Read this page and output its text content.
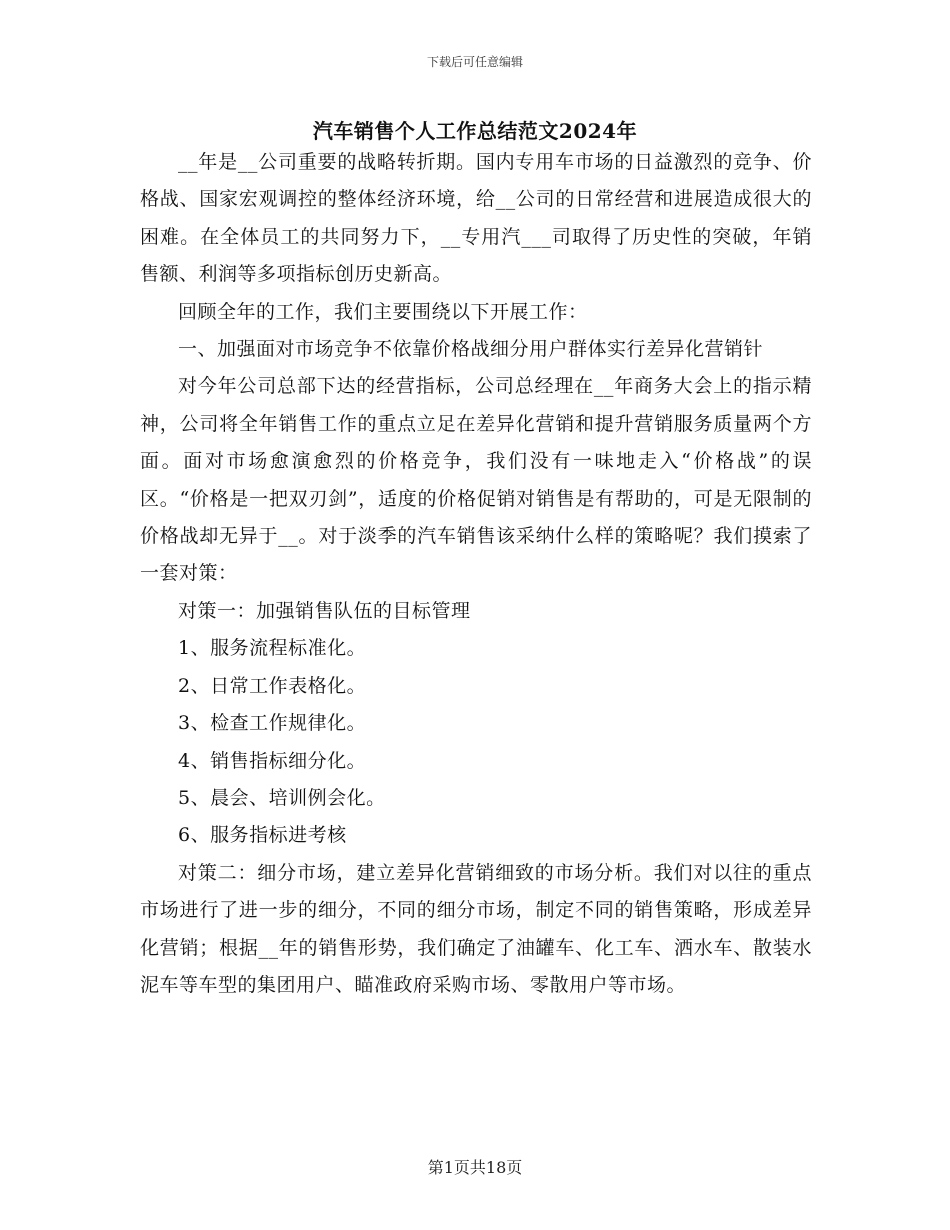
下载后可任意编辑
汽车销售个人工作总结范文2024年

__年是__公司重要的战略转折期。国内专用车市场的日益激烈的竞争、价格战、国家宏观调控的整体经济环境，给__公司的日常经营和进展造成很大的困难。在全体员工的共同努力下，__专用汽___司取得了历史性的突破，年销售额、利润等多项指标创历史新高。

回顾全年的工作，我们主要围绕以下开展工作：

一、加强面对市场竞争不依靠价格战细分用户群体实行差异化营销针

对今年公司总部下达的经营指标，公司总经理在__年商务大会上的指示精神，公司将全年销售工作的重点立足在差异化营销和提升营销服务质量两个方面。面对市场愈演愈烈的价格竞争，我们没有一味地走入“价格战”的误区。“价格是一把双刃剑”，适度的价格促销对销售是有帮助的，可是无限制的价格战却无异于__。对于淡季的汽车销售该采纳什么样的策略呢？我们摸索了一套对策：

对策一：加强销售队伍的目标管理

1、服务流程标准化。

2、日常工作表格化。

3、检查工作规律化。

4、销售指标细分化。

5、晨会、培训例会化。

6、服务指标进考核

对策二：细分市场，建立差异化营销细致的市场分析。我们对以往的重点市场进行了进一步的细分，不同的细分市场，制定不同的销售策略，形成差异化营销；根据__年的销售形势，我们确定了油罐车、化工车、洒水车、散装水泥车等车型的集团用户、瞄准政府采购市场、零散用户等市场。

第1页共18页
